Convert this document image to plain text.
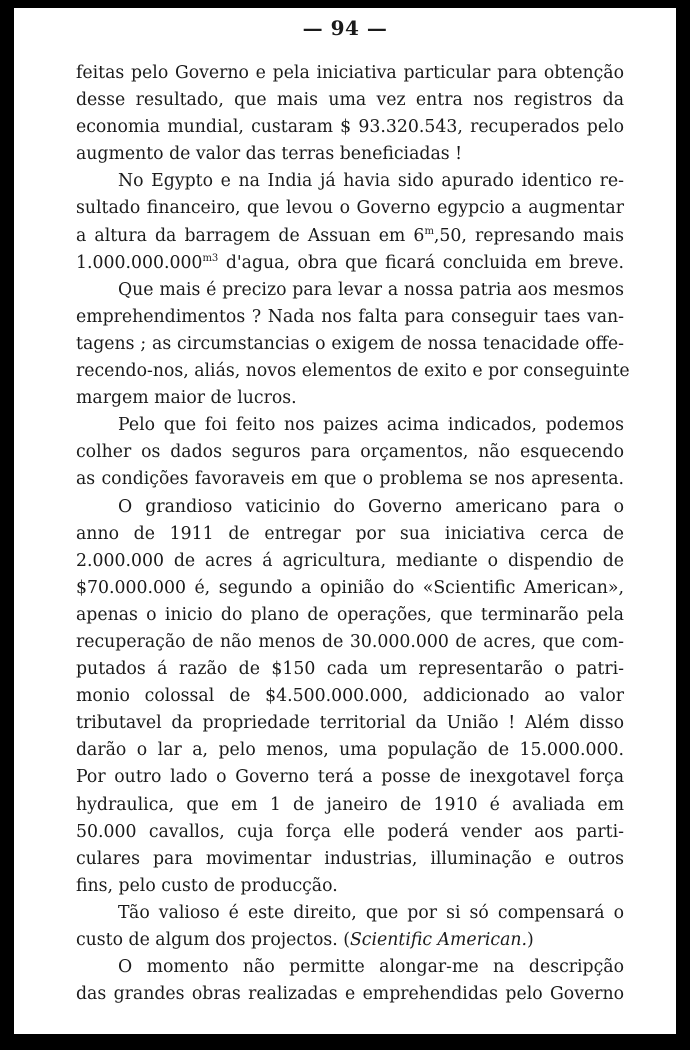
— 94 —
feitas pelo Governo e pela iniciativa particular para obtenção
desse resultado, que mais uma vez entra nos registros da
economia mundial, custaram $ 93.320.543, recuperados pelo
augmento de valor das terras beneficiadas !
No Egypto e na India já havia sido apurado identico re-
sultado financeiro, que levou o Governo egypcio a augmentar
a altura da barragem de Assuan em 6$^m$,50, represando mais
$1.000.000.000^{m3}$ d'agua, obra que ficará concluida em breve.
Que mais é precizo para levar a nossa patria aos mesmos
emprehendimentos ? Nada nos falta para conseguir taes van-
tagens ; as circumstancias o exigem de nossa tenacidade offe-
recendo-nos, aliás, novos elementos de exito e por conseguinte
margem maior de lucros.
Pelo que foi feito nos paizes acima indicados, podemos
colher os dados seguros para orçamentos, não esquecendo
as condições favoraveis em que o problema se nos apresenta.
O grandioso vaticinio do Governo americano para o
anno de 1911 de entregar por sua iniciativa cerca de
2.000.000 de acres á agricultura, mediante o dispendio de
$70.000.000 é, segundo a opinião do «Scientific American»,
apenas o inicio do plano de operações, que terminarão pela
recuperação de não menos de 30.000.000 de acres, que com-
putados á razão de $150 cada um representarão o patri-
monio colossal de $4.500.000.000, addicionado ao valor
tributavel da propriedade territorial da União ! Além disso
darão o lar a, pelo menos, uma população de 15.000.000.
Por outro lado o Governo terá a posse de inexgotavel força
hydraulica, que em 1 de janeiro de 1910 é avaliada em
50.000 cavallos, cuja força elle poderá vender aos parti-
culares para movimentar industrias, illuminação e outros
fins, pelo custo de producção.
Tão valioso é este direito, que por si só compensará o
custo de algum dos projectos. (Scientific American.)
O momento não permitte alongar-me na descripção
das grandes obras realizadas e emprehendidas pelo Governo
